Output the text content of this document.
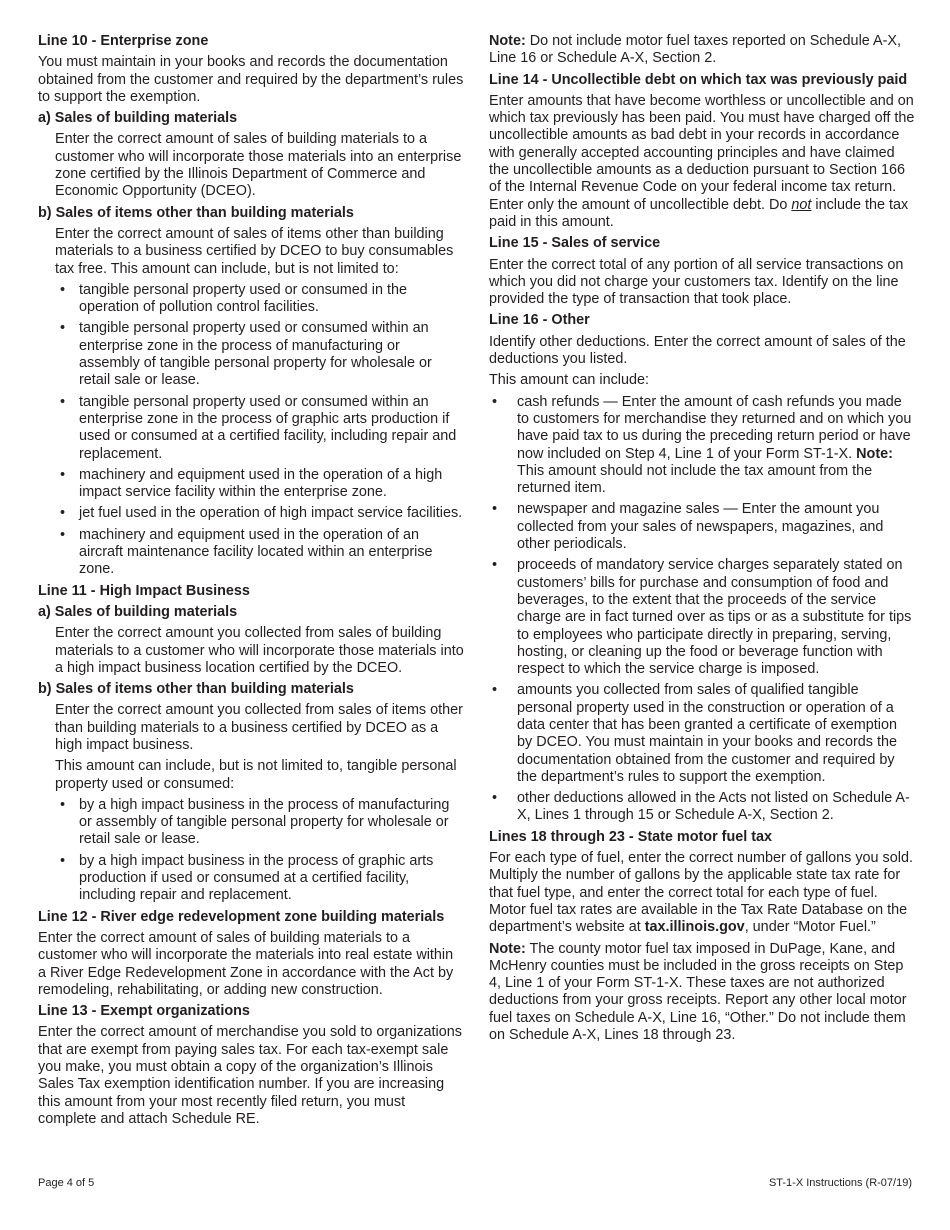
Line 10 - Enterprise zone

You must maintain in your books and records the documentation obtained from the customer and required by the department’s rules to support the exemption.

a) Sales of building materials

Enter the correct amount of sales of building materials to a customer who will incorporate those materials into an enterprise zone certified by the Illinois Department of Commerce and Economic Opportunity (DCEO).

b) Sales of items other than building materials

Enter the correct amount of sales of items other than building materials to a business certified by DCEO to buy consumables tax free. This amount can include, but is not limited to:

• tangible personal property used or consumed in the operation of pollution control facilities.
• tangible personal property used or consumed within an enterprise zone in the process of manufacturing or assembly of tangible personal property for wholesale or retail sale or lease.
• tangible personal property used or consumed within an enterprise zone in the process of graphic arts production if used or consumed at a certified facility, including repair and replacement.
• machinery and equipment used in the operation of a high impact service facility within the enterprise zone.
• jet fuel used in the operation of high impact service facilities.
• machinery and equipment used in the operation of an aircraft maintenance facility located within an enterprise zone.
Line 11 - High Impact Business
a) Sales of building materials

Enter the correct amount you collected from sales of building materials to a customer who will incorporate those materials into a high impact business location certified by the DCEO.

b) Sales of items other than building materials

Enter the correct amount you collected from sales of items other than building materials to a business certified by DCEO as a high impact business.

This amount can include, but is not limited to, tangible personal property used or consumed:

• by a high impact business in the process of manufacturing or assembly of tangible personal property for wholesale or retail sale or lease.
• by a high impact business in the process of graphic arts production if used or consumed at a certified facility, including repair and replacement.
Line 12 - River edge redevelopment zone building materials

Enter the correct amount of sales of building materials to a customer who will incorporate the materials into real estate within a River Edge Redevelopment Zone in accordance with the Act by remodeling, rehabilitating, or adding new construction.

Line 13 - Exempt organizations

Enter the correct amount of merchandise you sold to organizations that are exempt from paying sales tax. For each tax-exempt sale you make, you must obtain a copy of the organization’s Illinois Sales Tax exemption identification number. If you are increasing this amount from your most recently filed return, you must complete and attach Schedule RE.

Note: Do not include motor fuel taxes reported on Schedule A-X, Line 16 or Schedule A-X, Section 2.

Line 14 - Uncollectible debt on which tax was previously paid

Enter amounts that have become worthless or uncollectible and on which tax previously has been paid. You must have charged off the uncollectible amounts as bad debt in your records in accordance with generally accepted accounting principles and have claimed the uncollectible amounts as a deduction pursuant to Section 166 of the Internal Revenue Code on your federal income tax return. Enter only the amount of uncollectible debt. Do not include the tax paid in this amount.

Line 15 - Sales of service

Enter the correct total of any portion of all service transactions on which you did not charge your customers tax. Identify on the line provided the type of transaction that took place.

Line 16 - Other

Identify other deductions. Enter the correct amount of sales of the deductions you listed.

This amount can include:

• cash refunds — Enter the amount of cash refunds you made to customers for merchandise they returned and on which you have paid tax to us during the preceding return period or have now included on Step 4, Line 1 of your Form ST-1-X. Note: This amount should not include the tax amount from the returned item.
• newspaper and magazine sales — Enter the amount you collected from your sales of newspapers, magazines, and other periodicals.
• proceeds of mandatory service charges separately stated on customers’ bills for purchase and consumption of food and beverages, to the extent that the proceeds of the service charge are in fact turned over as tips or as a substitute for tips to employees who participate directly in preparing, serving, hosting, or cleaning up the food or beverage function with respect to which the service charge is imposed.
• amounts you collected from sales of qualified tangible personal property used in the construction or operation of a data center that has been granted a certificate of exemption by DCEO. You must maintain in your books and records the documentation obtained from the customer and required by the department’s rules to support the exemption.
• other deductions allowed in the Acts not listed on Schedule A-X, Lines 1 through 15 or Schedule A-X, Section 2.
Lines 18 through 23 - State motor fuel tax

For each type of fuel, enter the correct number of gallons you sold. Multiply the number of gallons by the applicable state tax rate for that fuel type, and enter the correct total for each type of fuel. Motor fuel tax rates are available in the Tax Rate Database on the department’s website at tax.illinois.gov, under “Motor Fuel.”

Note: The county motor fuel tax imposed in DuPage, Kane, and McHenry counties must be included in the gross receipts on Step 4, Line 1 of your Form ST-1-X. These taxes are not authorized deductions from your gross receipts. Report any other local motor fuel taxes on Schedule A-X, Line 16, “Other.” Do not include them on Schedule A-X, Lines 18 through 23.

Page 4 of 5	ST-1-X Instructions (R-07/19)
